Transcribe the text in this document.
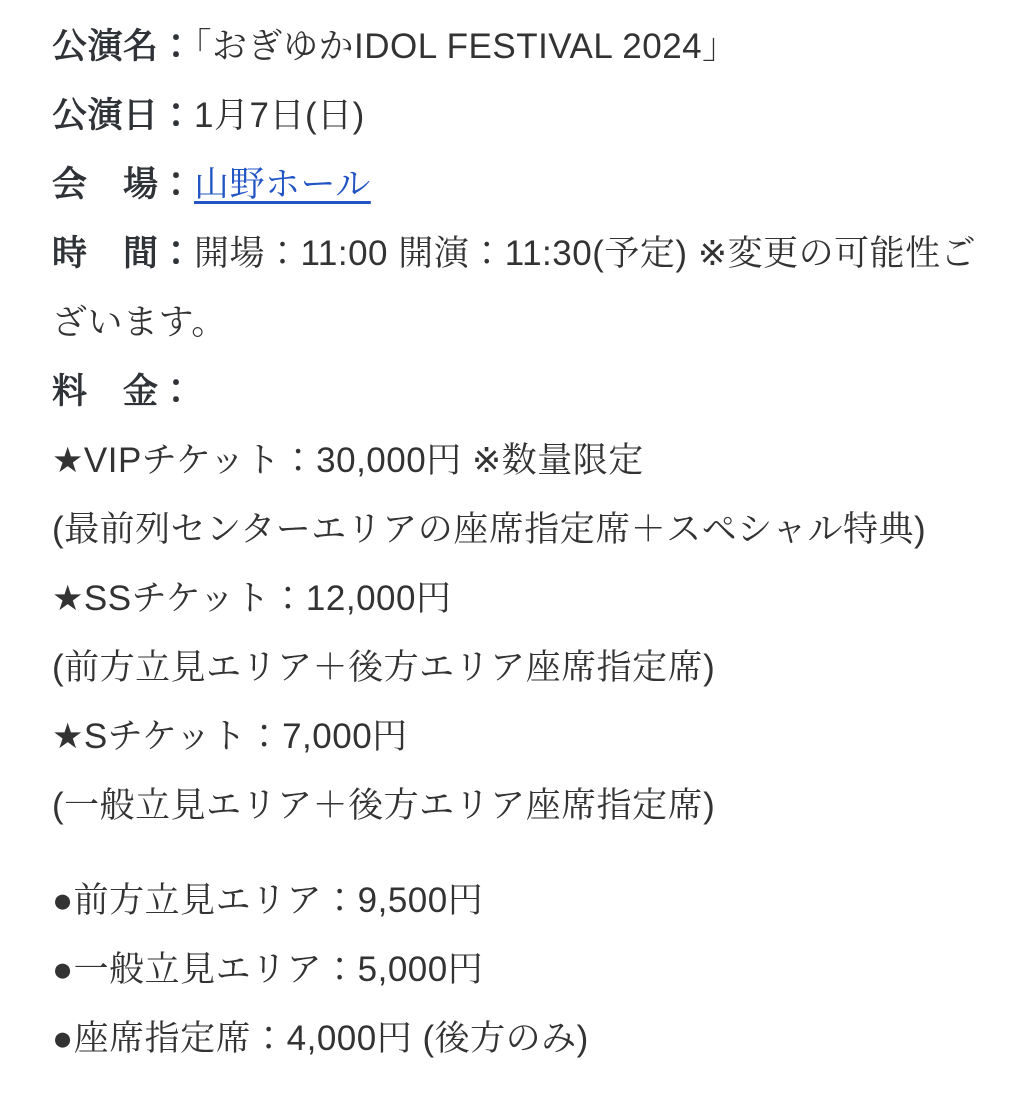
公演名：「おぎゆかIDOL FESTIVAL 2024」
公演日：1月7日(日)
会　場：山野ホール
時　間：開場：11:00 開演：11:30(予定) ※変更の可能性ご
ざいます。
料　金：
★VIPチケット：30,000円 ※数量限定
(最前列センターエリアの座席指定席＋スペシャル特典)
★SSチケット：12,000円
(前方立見エリア＋後方エリア座席指定席)
★Sチケット：7,000円
(一般立見エリア＋後方エリア座席指定席)
●前方立見エリア：9,500円
●一般立見エリア：5,000円
●座席指定席：4,000円 (後方のみ)
